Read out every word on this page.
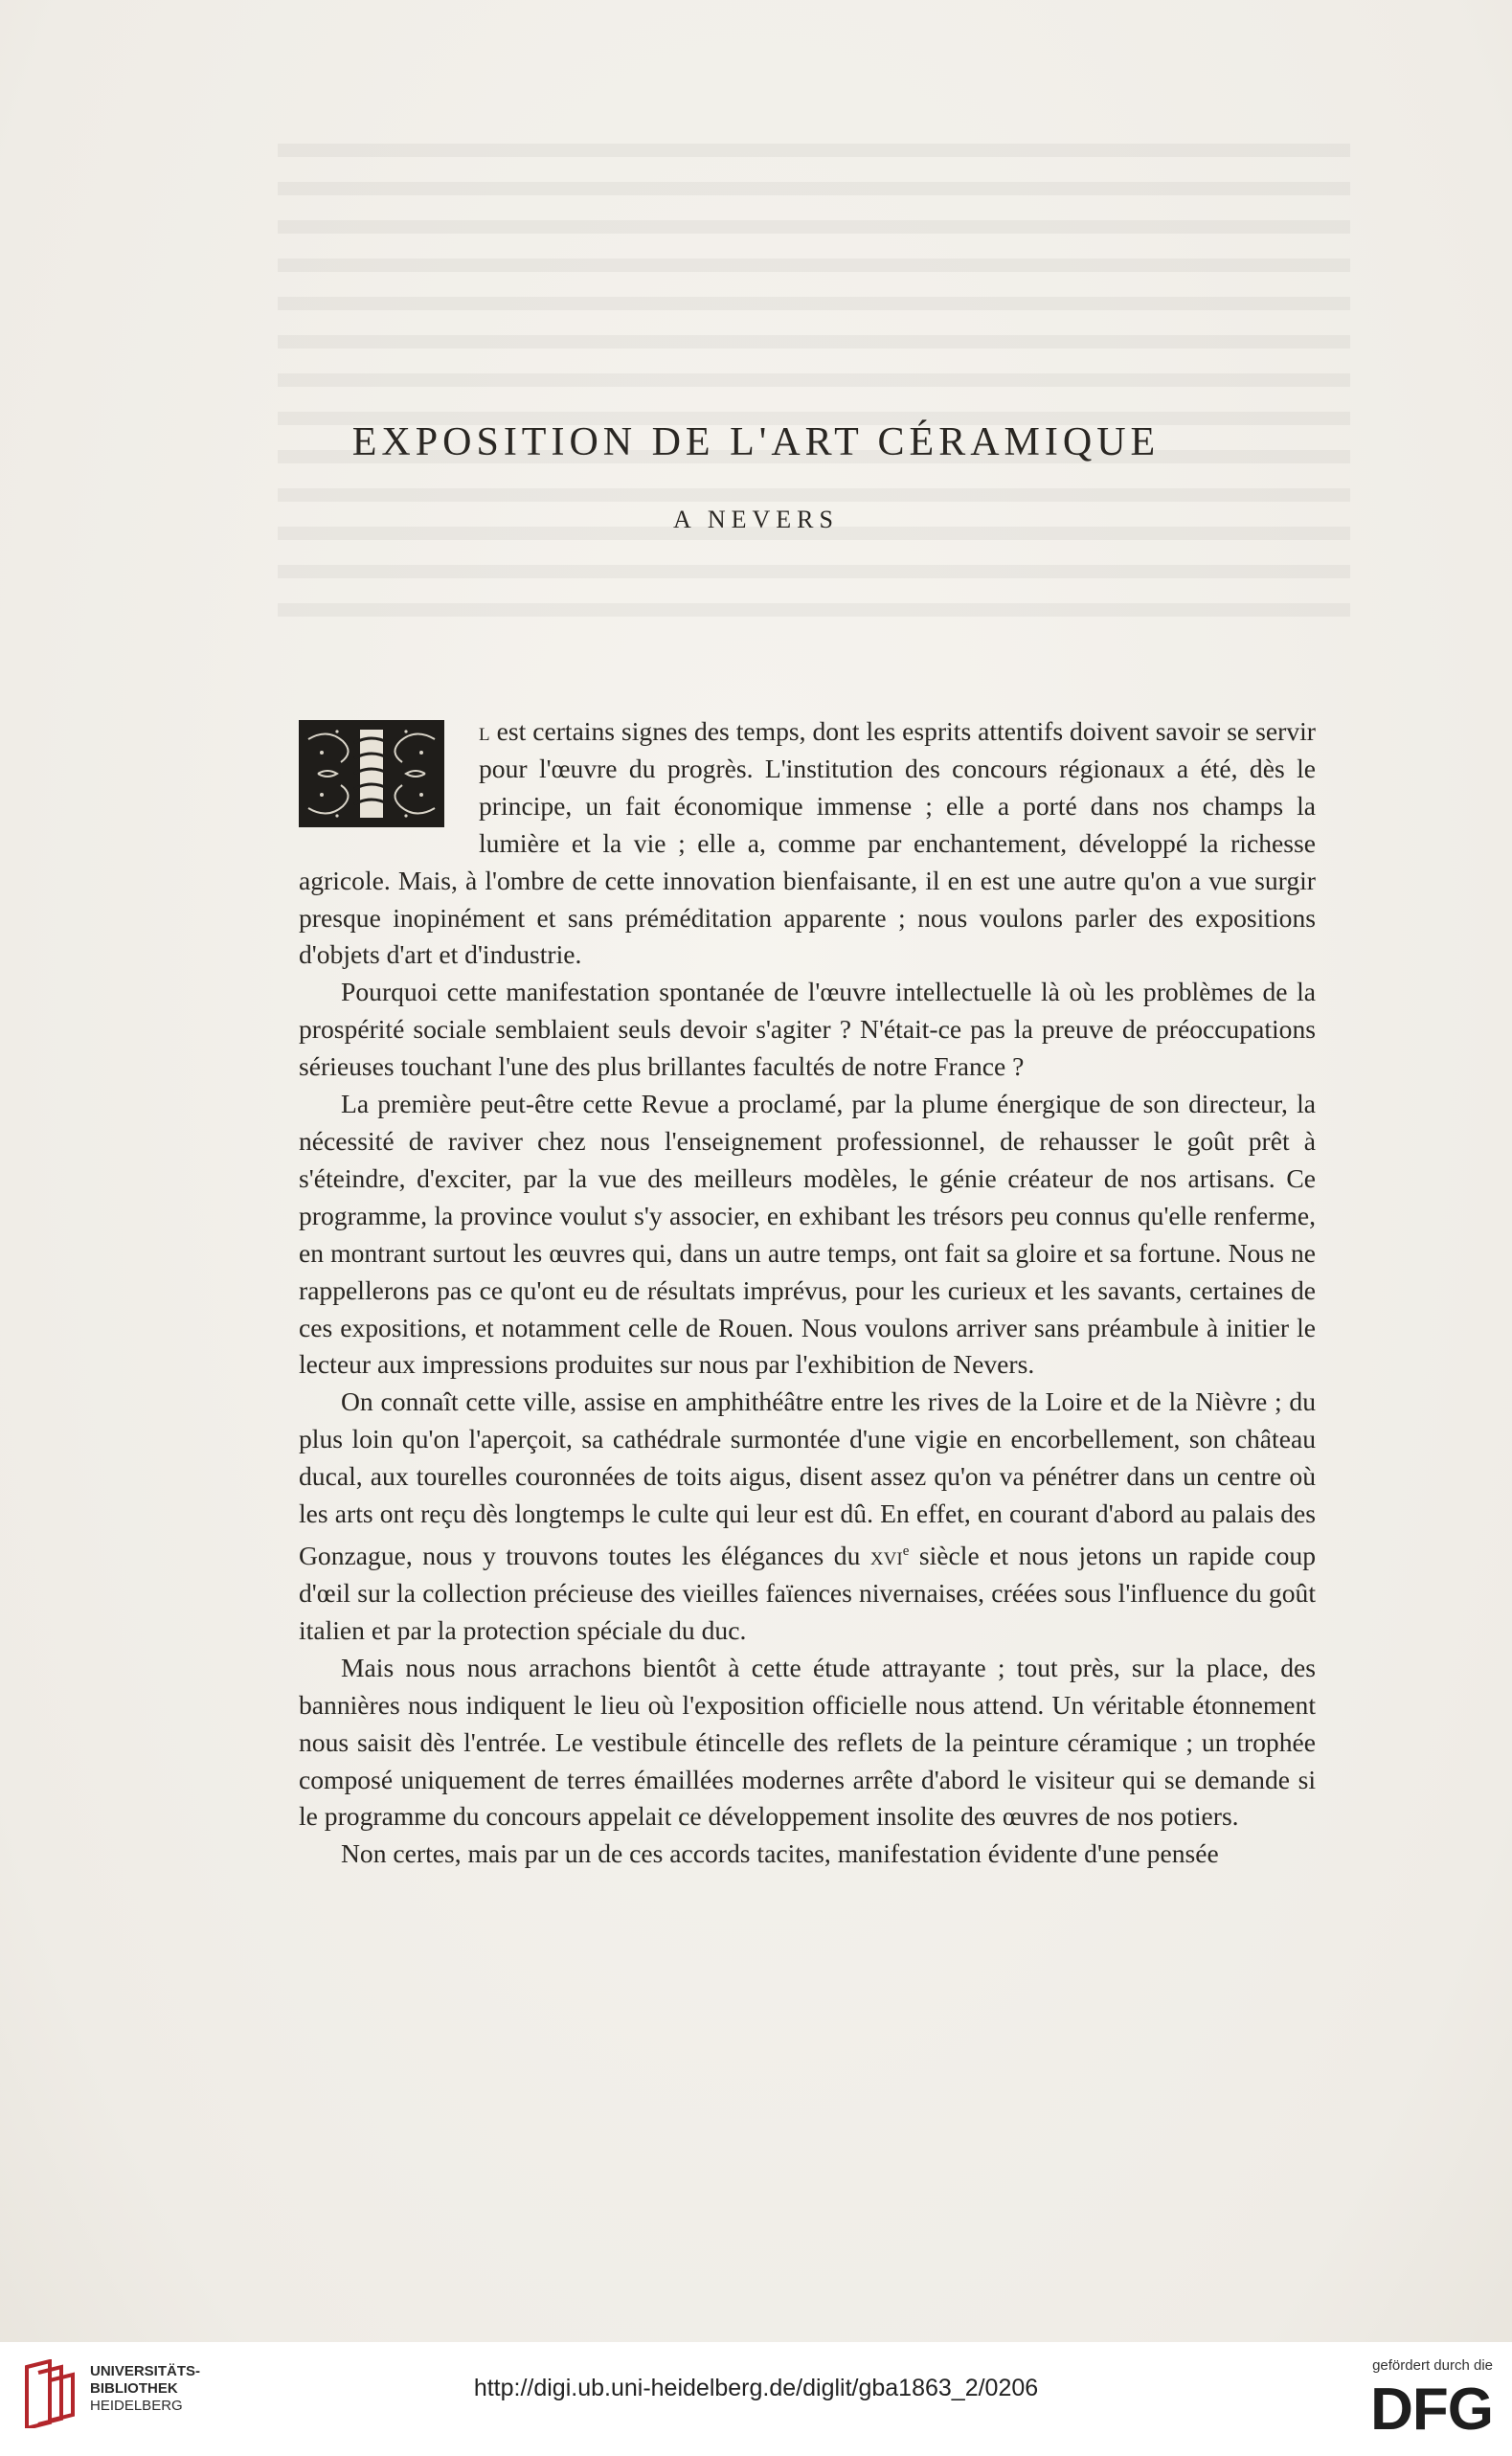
EXPOSITION DE L'ART CÉRAMIQUE
A NEVERS

l est certains signes des temps, dont les esprits attentifs doivent savoir se servir pour l'œuvre du progrès. L'institution des concours régionaux a été, dès le principe, un fait économique immense ; elle a porté dans nos champs la lumière et la vie ; elle a, comme par enchantement, développé la richesse agricole. Mais, à l'ombre de cette innovation bienfaisante, il en est une autre qu'on a vue surgir presque inopinément et sans préméditation apparente ; nous voulons parler des expositions d'objets d'art et d'industrie.

Pourquoi cette manifestation spontanée de l'œuvre intellectuelle là où les problèmes de la prospérité sociale semblaient seuls devoir s'agiter ? N'était-ce pas la preuve de préoccupations sérieuses touchant l'une des plus brillantes facultés de notre France ?

La première peut-être cette Revue a proclamé, par la plume énergique de son directeur, la nécessité de raviver chez nous l'enseignement professionnel, de rehausser le goût prêt à s'éteindre, d'exciter, par la vue des meilleurs modèles, le génie créateur de nos artisans. Ce programme, la province voulut s'y associer, en exhibant les trésors peu connus qu'elle renferme, en montrant surtout les œuvres qui, dans un autre temps, ont fait sa gloire et sa fortune. Nous ne rappellerons pas ce qu'ont eu de résultats imprévus, pour les curieux et les savants, certaines de ces expositions, et notamment celle de Rouen. Nous voulons arriver sans préambule à initier le lecteur aux impressions produites sur nous par l'exhibition de Nevers.

On connaît cette ville, assise en amphithéâtre entre les rives de la Loire et de la Nièvre ; du plus loin qu'on l'aperçoit, sa cathédrale surmontée d'une vigie en encorbellement, son château ducal, aux tourelles couronnées de toits aigus, disent assez qu'on va pénétrer dans un centre où les arts ont reçu dès longtemps le culte qui leur est dû. En effet, en courant d'abord au palais des Gonzague, nous y trouvons toutes les élégances du xvi$^e$ siècle et nous jetons un rapide coup d'œil sur la collection précieuse des vieilles faïences nivernaises, créées sous l'influence du goût italien et par la protection spéciale du duc.

Mais nous nous arrachons bientôt à cette étude attrayante ; tout près, sur la place, des bannières nous indiquent le lieu où l'exposition officielle nous attend. Un véritable étonnement nous saisit dès l'entrée. Le vestibule étincelle des reflets de la peinture céramique ; un trophée composé uniquement de terres émaillées modernes arrête d'abord le visiteur qui se demande si le programme du concours appelait ce développement insolite des œuvres de nos potiers.

Non certes, mais par un de ces accords tacites, manifestation évidente d'une pensée

UNIVERSITÄTS-
BIBLIOTHEK
HEIDELBERG
http://digi.ub.uni-heidelberg.de/diglit/gba1863_2/0206
gefördert durch die
DFG
